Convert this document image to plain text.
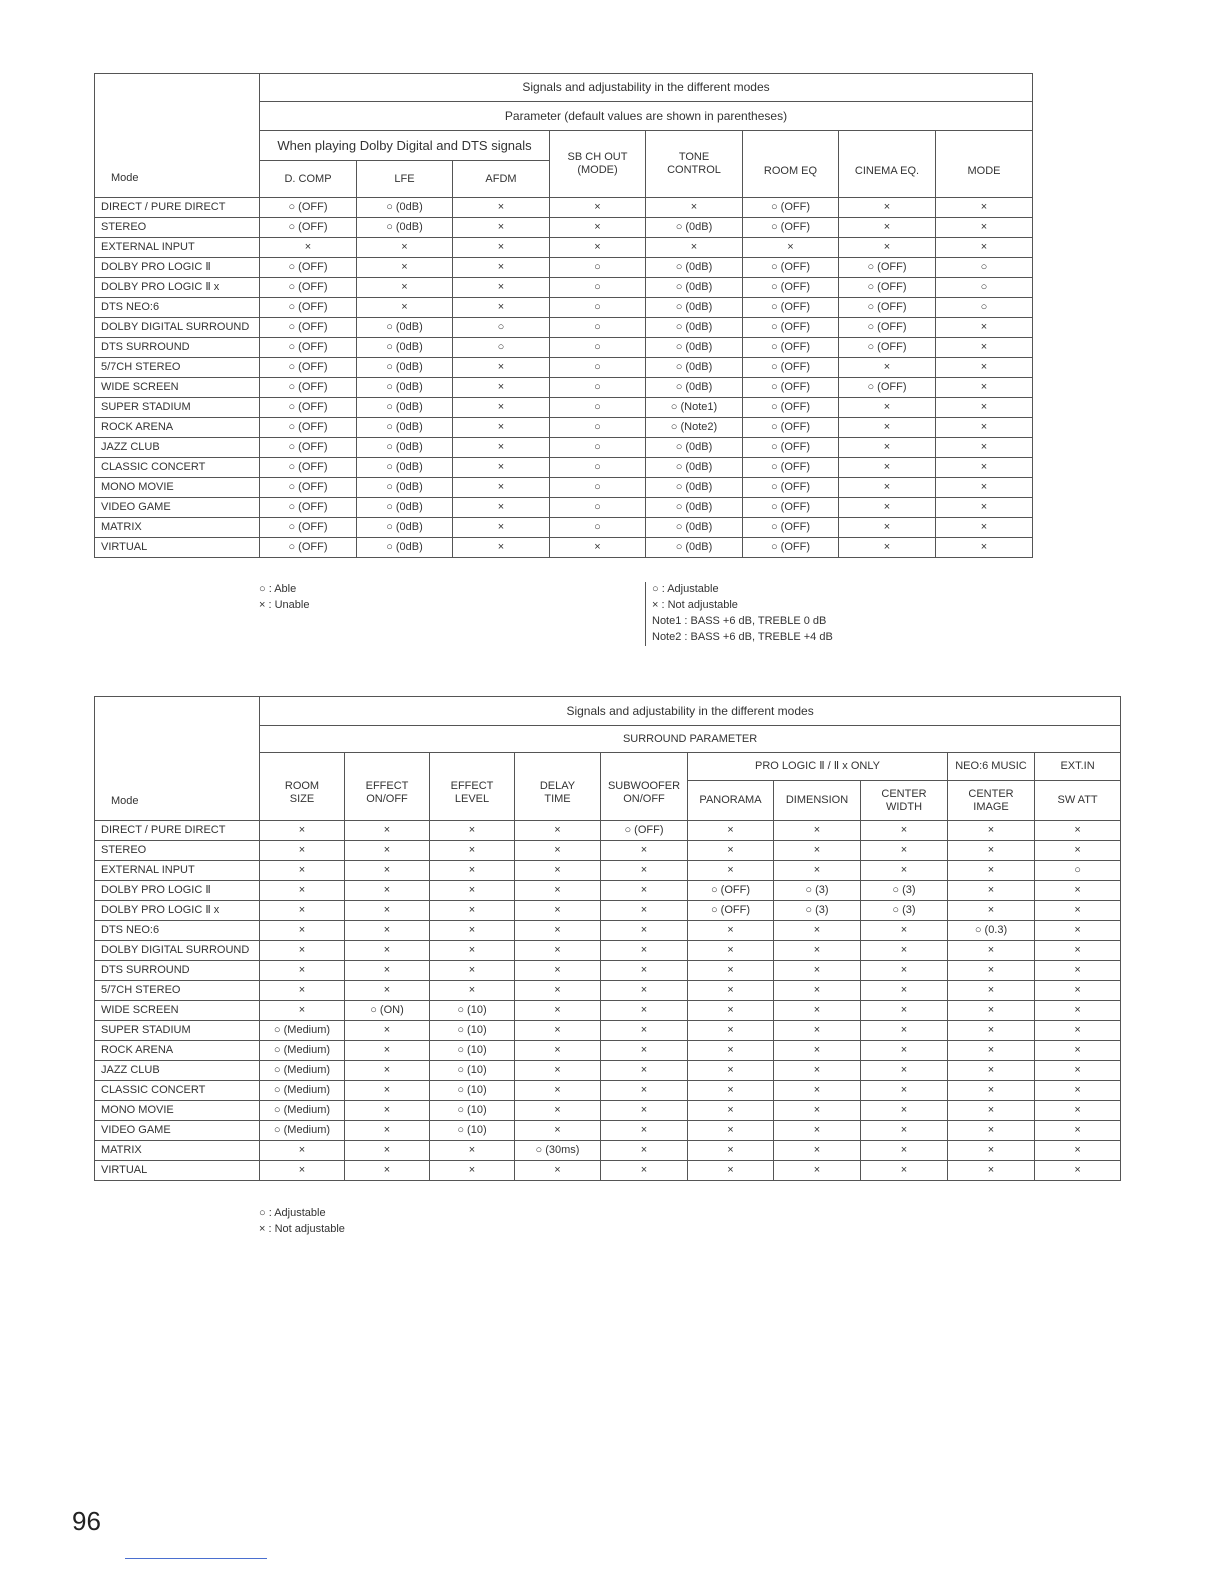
Mode	Signals and adjustability in the different modes							
	Parameter (default values are shown in parentheses)							
	When playing Dolby Digital and DTS signals			SB CH OUT (MODE)	TONE CONTROL	ROOM EQ	CINEMA EQ.	MODE
	D. COMP	LFE	AFDM					
DIRECT / PURE DIRECT	○ (OFF)	○ (0dB)	×	×	×	○ (OFF)	×	×
STEREO	○ (OFF)	○ (0dB)	×	×	○ (0dB)	○ (OFF)	×	×
EXTERNAL INPUT	×	×	×	×	×	×	×	×
DOLBY PRO LOGIC Ⅱ	○ (OFF)	×	×	○	○ (0dB)	○ (OFF)	○ (OFF)	○
DOLBY PRO LOGIC Ⅱ x	○ (OFF)	×	×	○	○ (0dB)	○ (OFF)	○ (OFF)	○
DTS NEO:6	○ (OFF)	×	×	○	○ (0dB)	○ (OFF)	○ (OFF)	○
DOLBY DIGITAL SURROUND	○ (OFF)	○ (0dB)	○	○	○ (0dB)	○ (OFF)	○ (OFF)	×
DTS SURROUND	○ (OFF)	○ (0dB)	○	○	○ (0dB)	○ (OFF)	○ (OFF)	×
5/7CH STEREO	○ (OFF)	○ (0dB)	×	○	○ (0dB)	○ (OFF)	×	×
WIDE SCREEN	○ (OFF)	○ (0dB)	×	○	○ (0dB)	○ (OFF)	○ (OFF)	×
SUPER STADIUM	○ (OFF)	○ (0dB)	×	○	○ (Note1)	○ (OFF)	×	×
ROCK ARENA	○ (OFF)	○ (0dB)	×	○	○ (Note2)	○ (OFF)	×	×
JAZZ CLUB	○ (OFF)	○ (0dB)	×	○	○ (0dB)	○ (OFF)	×	×
CLASSIC CONCERT	○ (OFF)	○ (0dB)	×	○	○ (0dB)	○ (OFF)	×	×
MONO MOVIE	○ (OFF)	○ (0dB)	×	○	○ (0dB)	○ (OFF)	×	×
VIDEO GAME	○ (OFF)	○ (0dB)	×	○	○ (0dB)	○ (OFF)	×	×
MATRIX	○ (OFF)	○ (0dB)	×	○	○ (0dB)	○ (OFF)	×	×
VIRTUAL	○ (OFF)	○ (0dB)	×	×	○ (0dB)	○ (OFF)	×	×
○ : Able
× : Unable
○ : Adjustable
× : Not adjustable
Note1 : BASS +6 dB, TREBLE 0 dB
Note2 : BASS +6 dB, TREBLE +4 dB
Mode	Signals and adjustability in the different modes									
	SURROUND PARAMETER									
	ROOM SIZE	EFFECT ON/OFF	EFFECT LEVEL	DELAY TIME	SUBWOOFER ON/OFF	PRO LOGIC Ⅱ / Ⅱ x ONLY			NEO:6 MUSIC	EXT.IN
						PANORAMA	DIMENSION	CENTER WIDTH	CENTER IMAGE	SW ATT
DIRECT / PURE DIRECT	×	×	×	×	○ (OFF)	×	×	×	×	×
STEREO	×	×	×	×	×	×	×	×	×	×
EXTERNAL INPUT	×	×	×	×	×	×	×	×	×	○
DOLBY PRO LOGIC Ⅱ	×	×	×	×	×	○ (OFF)	○ (3)	○ (3)	×	×
DOLBY PRO LOGIC Ⅱ x	×	×	×	×	×	○ (OFF)	○ (3)	○ (3)	×	×
DTS NEO:6	×	×	×	×	×	×	×	×	○ (0.3)	×
DOLBY DIGITAL SURROUND	×	×	×	×	×	×	×	×	×	×
DTS SURROUND	×	×	×	×	×	×	×	×	×	×
5/7CH STEREO	×	×	×	×	×	×	×	×	×	×
WIDE SCREEN	×	○ (ON)	○ (10)	×	×	×	×	×	×	×
SUPER STADIUM	○ (Medium)	×	○ (10)	×	×	×	×	×	×	×
ROCK ARENA	○ (Medium)	×	○ (10)	×	×	×	×	×	×	×
JAZZ CLUB	○ (Medium)	×	○ (10)	×	×	×	×	×	×	×
CLASSIC CONCERT	○ (Medium)	×	○ (10)	×	×	×	×	×	×	×
MONO MOVIE	○ (Medium)	×	○ (10)	×	×	×	×	×	×	×
VIDEO GAME	○ (Medium)	×	○ (10)	×	×	×	×	×	×	×
MATRIX	×	×	×	○ (30ms)	×	×	×	×	×	×
VIRTUAL	×	×	×	×	×	×	×	×	×	×
○ : Adjustable
× : Not adjustable
96
